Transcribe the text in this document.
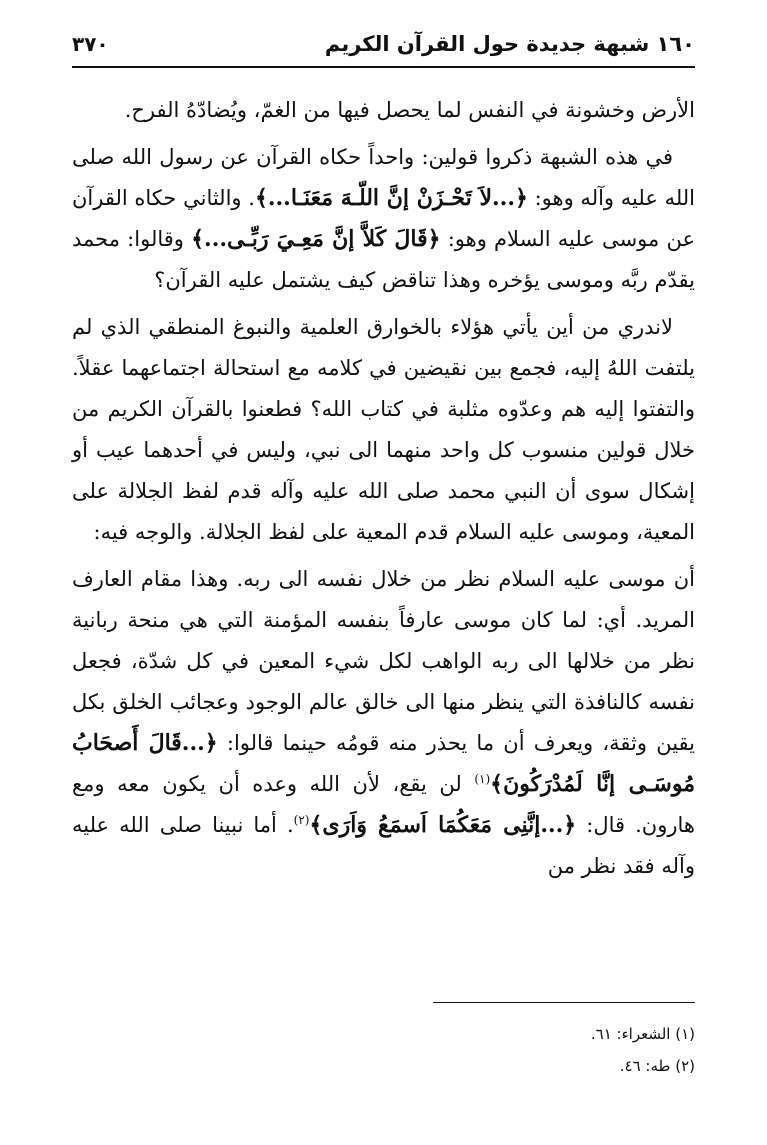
١٦٠ شبهة جديدة حول القرآن الكريم
٣٧٠

الأرض وخشونة في النفس لما يحصل فيها من الغمّ، ويُضادّهُ الفرح.

في هذه الشبهة ذكروا قولين: واحداً حكاه القرآن عن رسول الله صلى الله عليه وآله وهو: ﴿...لاَ تَحْـزَنْ إنَّ اللّـهَ مَعَنَـا...﴾. والثاني حكاه القرآن عن موسى عليه السلام وهو: ﴿قَالَ كَلاَّ إنَّ مَعِـيَ رَبِّـى...﴾ وقالوا: محمد يقدّم ربَّه وموسى يؤخره وهذا تناقض كيف يشتمل عليه القرآن؟

لاندري من أين يأتي هؤلاء بالخوارق العلمية والنبوغ المنطقي الذي لم يلتفت اللهُ إليه، فجمع بين نقيضين في كلامه مع استحالة اجتماعهما عقلاً. والتفتوا إليه هم وعدّوه مثلبة في كتاب الله؟ فطعنوا بالقرآن الكريم من خلال قولين منسوب كل واحد منهما الى نبي، وليس في أحدهما عيب أو إشكال سوى أن النبي محمد صلى الله عليه وآله قدم لفظ الجلالة على المعية، وموسى عليه السلام قدم المعية على لفظ الجلالة. والوجه فيه:

أن موسى عليه السلام نظر من خلال نفسه الى ربه. وهذا مقام العارف المريد. أي: لما كان موسى عارفاً بنفسه المؤمنة التي هي منحة ربانية نظر من خلالها الى ربه الواهب لكل شيء المعين في كل شدّة، فجعل نفسه كالنافذة التي ينظر منها الى خالق عالم الوجود وعجائب الخلق بكل يقين وثقة، ويعرف أن ما يحذر منه قومُه حينما قالوا: ﴿...قَالَ أَصحَابُ مُوسَـى إنَّا لَمُدْرَكُونَ﴾$^{(١)}$ لن يقع، لأن الله وعده أن يكون معه ومع هارون. قال: ﴿...إنَّنِى مَعَكُمَا اَسمَعُ وَاَرَى﴾$^{(٢)}$. أما نبينا صلى الله عليه وآله فقد نظر من

(١) الشعراء: ٦١.
(٢) طه: ٤٦.
